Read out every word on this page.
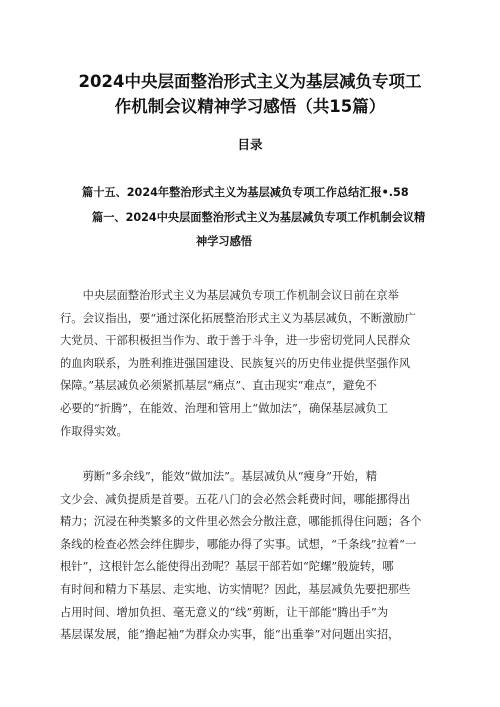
2024中央层面整治形式主义为基层减负专项工
作机制会议精神学习感悟（共15篇）
目录
篇十五、2024年整治形式主义为基层减负专项工作总结汇报•.58
篇一、2024中央层面整治形式主义为基层减负专项工作机制会议精
神学习感悟
　　中央层面整治形式主义为基层减负专项工作机制会议日前在京举
行。会议指出，要“通过深化拓展整治形式主义为基层减负，不断激励广
大党员、干部积极担当作为、敢于善于斗争，进一步密切党同人民群众
的血肉联系，为胜利推进强国建设、民族复兴的历史伟业提供坚强作风
保障。”基层减负必须紧抓基层“痛点”、直击现实“难点”，避免不
必要的“折腾”，在能效、治理和管用上“做加法”，确保基层减负工
作取得实效。
　　剪断“多余线”，能效“做加法”。基层减负从“瘦身”开始，精
文少会、减负提质是首要。五花八门的会必然会耗费时间，哪能挪得出
精力；沉浸在种类繁多的文件里必然会分散注意，哪能抓得住问题；各个
条线的检查必然会绊住脚步，哪能办得了实事。试想，“千条线”拉着“一
根针”，这根针怎么能使得出劲呢？基层干部若如“陀螺”般旋转，哪
有时间和精力下基层、走实地、访实情呢？因此，基层减负先要把那些
占用时间、增加负担、毫无意义的“线”剪断，让干部能“腾出手”为
基层谋发展，能“撸起袖”为群众办实事，能“出重拳”对问题出实招，
